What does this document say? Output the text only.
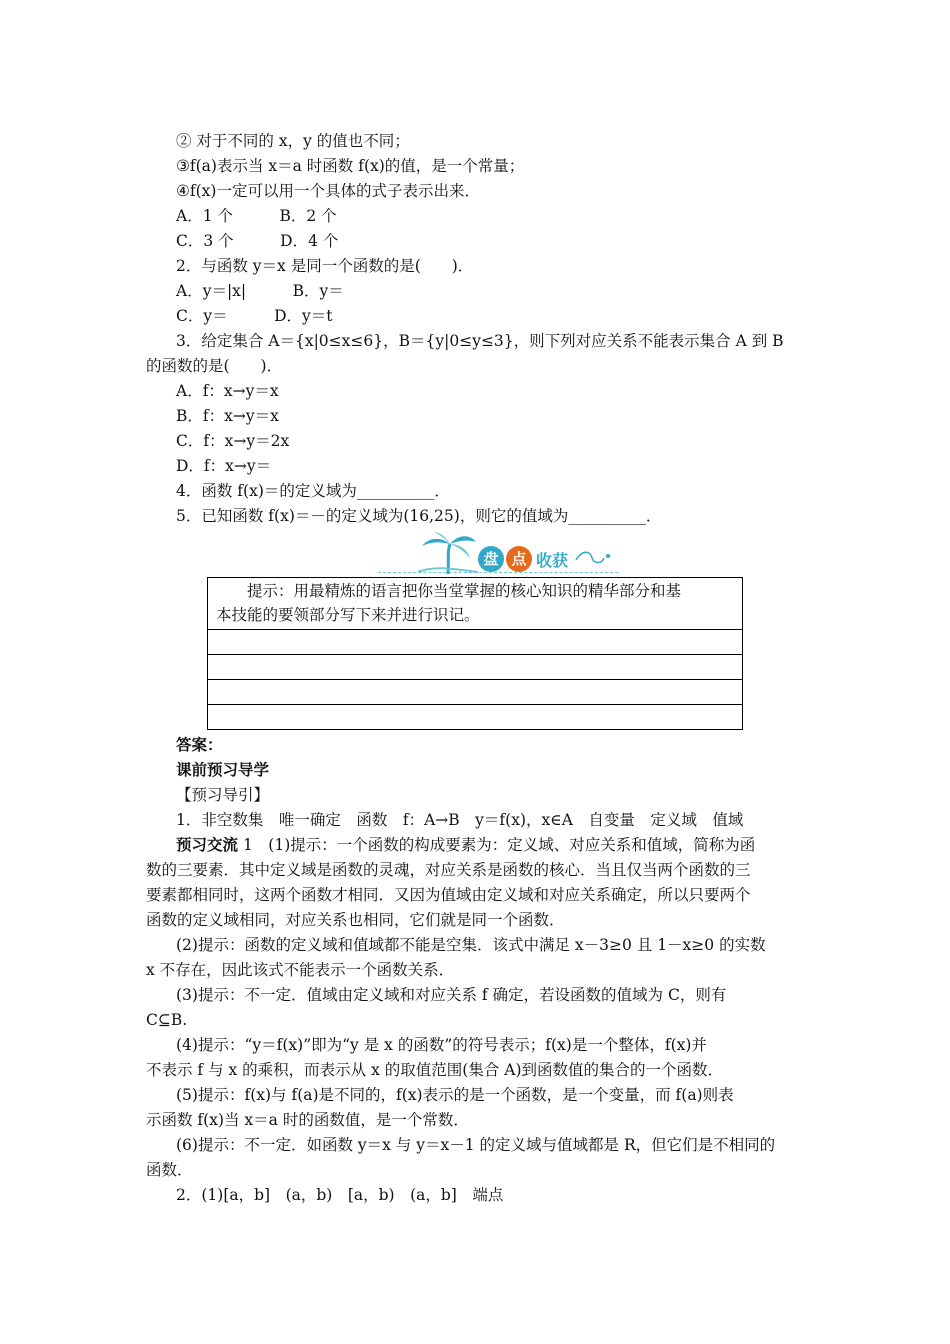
② 对于不同的 x，y 的值也不同；
③f(a)表示当 x＝a 时函数 f(x)的值，是一个常量；
④f(x)一定可以用一个具体的式子表示出来．
A．1 个　　　B．2 个
C．3 个　　　D．4 个
2．与函数 y＝x 是同一个函数的是(　　)．
A．y＝|x|　　　B．y＝
C．y＝　　　D．y＝t
3．给定集合 A＝{x|0≤x≤6}，B＝{y|0≤y≤3}，则下列对应关系不能表示集合 A 到 B
的函数的是(　　)．
A．f：x→y＝x
B．f：x→y＝x
C．f：x→y＝2x
D．f：x→y＝
4．函数 f(x)＝的定义域为__________．
5．已知函数 f(x)＝－的定义域为(16,25)，则它的值域为__________．
盘 点 收获
　　提示：用最精炼的语言把你当堂掌握的核心知识的精华部分和基
本技能的要领部分写下来并进行识记。

答案：
课前预习导学
【预习导引】
1．非空数集　唯一确定　函数　f：A→B　y＝f(x)，x∈A　自变量　定义域　值域
预习交流 1　(1)提示：一个函数的构成要素为：定义域、对应关系和值域，简称为函
数的三要素．其中定义域是函数的灵魂，对应关系是函数的核心．当且仅当两个函数的三
要素都相同时，这两个函数才相同．又因为值域由定义域和对应关系确定，所以只要两个
函数的定义域相同，对应关系也相同，它们就是同一个函数．
(2)提示：函数的定义域和值域都不能是空集．该式中满足 x－3≥0 且 1－x≥0 的实数
x 不存在，因此该式不能表示一个函数关系．
(3)提示：不一定．值域由定义域和对应关系 f 确定，若设函数的值域为 C，则有
C⊆B.
(4)提示：“y＝f(x)”即为“y 是 x 的函数”的符号表示；f(x)是一个整体，f(x)并
不表示 f 与 x 的乘积，而表示从 x 的取值范围(集合 A)到函数值的集合的一个函数．
(5)提示：f(x)与 f(a)是不同的，f(x)表示的是一个函数，是一个变量，而 f(a)则表
示函数 f(x)当 x＝a 时的函数值，是一个常数．
(6)提示：不一定．如函数 y＝x 与 y＝x－1 的定义域与值域都是 R，但它们是不相同的
函数．
2．(1)[a，b]　(a，b)　[a，b)　(a，b]　端点
